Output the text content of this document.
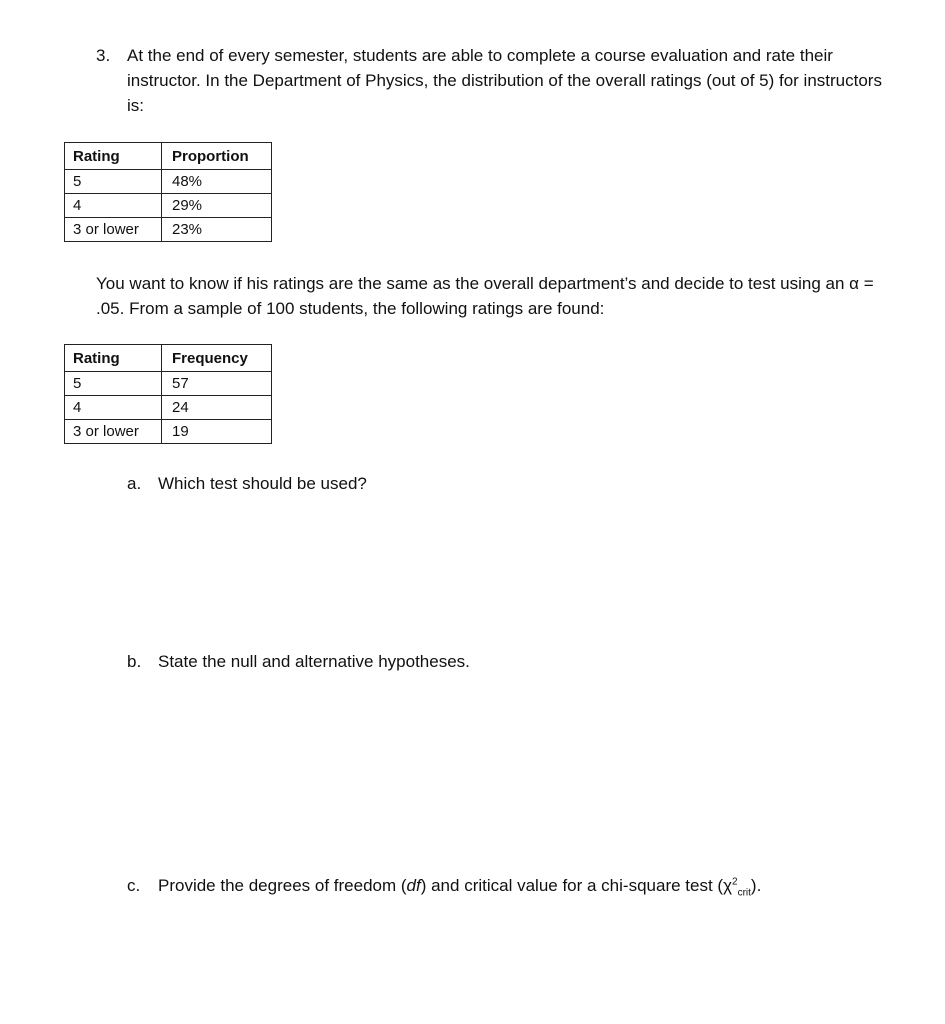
3. At the end of every semester, students are able to complete a course evaluation and rate their instructor. In the Department of Physics, the distribution of the overall ratings (out of 5) for instructors is:
Rating	Proportion
5	48%
4	29%
3 or lower	23%
You want to know if his ratings are the same as the overall department’s and decide to test using an α = .05. From a sample of 100 students, the following ratings are found:
Rating	Frequency
5	57
4	24
3 or lower	19
a. Which test should be used?
b. State the null and alternative hypotheses.
c. Provide the degrees of freedom (df) and critical value for a chi-square test $(\chi^2_{crit})$.
